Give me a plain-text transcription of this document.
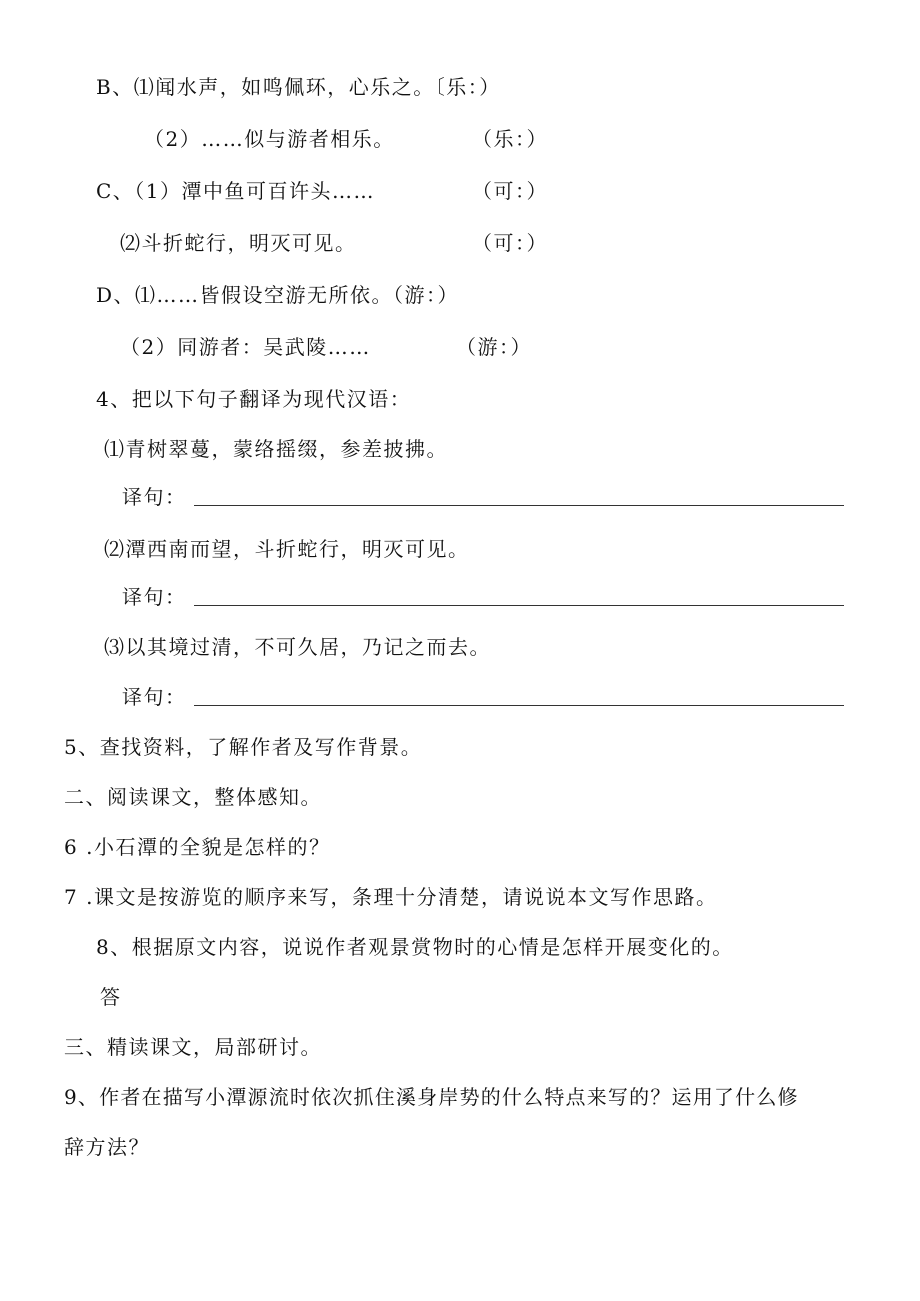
B、⑴闻水声，如鸣佩环，心乐之。〔乐：）
（2）……似与游者相乐。	（乐：）
C、（1）潭中鱼可百许头……	（可：）
⑵斗折蛇行，明灭可见。	（可：）
D、⑴……皆假设空游无所依。（游：）
（2）同游者：吴武陵……	（游：）
4、把以下句子翻译为现代汉语：
⑴青树翠蔓，蒙络摇缀，参差披拂。
译句：
⑵潭西南而望，斗折蛇行，明灭可见。
译句：
⑶以其境过清，不可久居，乃记之而去。
译句：
5、查找资料，了解作者及写作背景。
二、阅读课文，整体感知。
6 .小石潭的全貌是怎样的？
7 .课文是按游览的顺序来写，条理十分清楚，请说说本文写作思路。
8、根据原文内容，说说作者观景赏物时的心情是怎样开展变化的。
答
三、精读课文，局部研讨。
9、作者在描写小潭源流时依次抓住溪身岸势的什么特点来写的？运用了什么修
辞方法？
